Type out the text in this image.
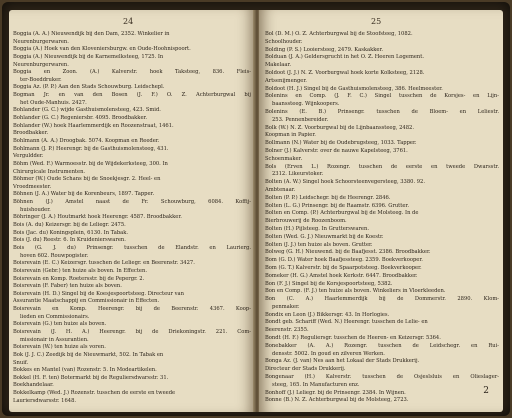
24
Boggia (A. A.) Nieuwendijk bij den Dam, 2352. Winkelier in
Neurenburgerwaren.
Boggia (A.) Hoek van den Kloveniersburgw. en Oude-Hoohnispoort.
Boggia (A.) Nieuwendijk bij de Karnemelksteeg, 1725. In
Neurenburgerwaren.
Boggia en Zoon. (A.) Kalverstr. hoek Taksteeg, 836. Fleis-
ter-Boeddruker.
Boggia Az. (P. P.) Aan den Stads Schouwburg. Leidschepl.
Bogman Jr. en van den Bosen (J. F.) O. Z. Achterburgwal bij
het Oude-Manhuis. 2427.
Bohlander (G. C.) wijde Gasthuismolensteeg, 423. Smid.
Bohlander (G. C.) Regeniersbr. 4095. Broodbakker.
Bohlander (W.) hoek Haarlemmerdijk en Roozenstraat, 1461.
Broodbakker.
Bohlmann (A. A.) Droogbak. 5074. Koopman en Reeder.
Bohlmann (J. P.) Heerengr. bij de Gasthuismolensteeg, 431.
Verguldder.
Böhm (Wed. F.) Warmoesstr. bij de Wijdekerksteeg, 300. In
Chirurgicale Instrumenten.
Böhmer (W.) Oude Schans bij de Snoekjesgr. 2. Heel- en
Vroedmeester.
Böhnen (J. A.) Water bij de Korenbeurs, 1897. Tapper.
Böhnen (J.) Amstel naast de Fr. Schouwburg, 6084. Koffij-
huishouder.
Böhringer (J. A.) Houtmarkt hoek Heerengr. 4587. Broodbakker.
Bois (A. du) Keizersgr. bij de Leliegr. 2475.
Bois (Jac. du) Koningsplein, 6130. In Tabak.
Bois (J. du) Reestr. 6. In Kruidenierswaren.
Bois (G. J. du) Prinsengr. tusschen de Elandstr. en Laurierg.
hoven 602. Rouwpogister.
Boisrevain (E. C.) Keizersgr. tusschen de Leliegr. en Beerenstr. 3427.
Boisrevain (Gebr.) ten huize als boven. In Effecten.
Boisrevain en Komp. Roetersstr. bij de Pepergr. 2.
Boisrevain (F. Faber) ten huize als boven.
Boisrevain (H. D.) Singel bij de Koesjespoortsteeg. Directeur van
Assurantie Maatschappij en Commissionair in Effecten.
Boisrevain en Komp. Heerengr. bij de Beerenstr. 4367. Koop-
lieden en Commissionairs.
Boisrevain (G.) ten huize als boven.
Boisrevain (J. H. A.) Heerengr. bij de Driekoningstr. 221. Com-
missionair in Assurantien.
Boisrevain (W.) ten huize als voren.
Bok (J. J. C.) Zeedijk bij de Nieuwmarkt, 502. In Tabak en
Snuif.
Bokkes en Mantel (van) Rozenstr. 5. In Modeartikelen.
Bokkel (H. F. ten) Botermarkt bij de Reguliersdwarsstr. 31.
Boekhandelaar.
Bokkelkamp (Wed. J.) Rozenstr. tusschen de eerste en tweede
Lauriersdwarsstr. 1648.
25
Bol (D. M.) O. Z. Achterburgwal bij de Stoofsteeg, 1082.
Schoolhouder.
Bolding (P. S.) Looiersteeg, 2479. Kaskakker.
Bolduan (J. A.) Geldersgrucht in het O. Z. Heeren Logement.
Makelaar.
Boldoot (J. J.) N. Z. Voorburgwal hoek korte Kolksteeg, 2128.
Artsenijmenger.
Boldoot (H. J.) Singel bij de Gasthuismolensteeg, 386. Heelmeester.
Bolenins en Comp. (J. F. C.) Singel tusschen de Korsjes- en Lijn-
baanssteeg. Wijnkoopers.
Bolenins (E. B.) Prinsengr. tusschen de Bloem- en Leliestr.
253. Pennenbereider.
Bolk (W.) N. Z. Voorburgwal bij de Lijnbaanssteeg, 2482.
Koopman in Papier.
Bollmann (N.) Water bij de Oudebrugsteeg, 1033. Tapper.
Bolner (J.) Kalverstr. over de nauwe Kapelsteeg, 3761.
Schoenmaker.
Bols (Erven L.) Rozengr. tusschen de eerste en tweede Dwarsstr.
2312. Likeurstoker.
Bolten (A. W.) Singel hoek Schoorsteenvegersteeg, 3380. 92.
Ambtenaar.
Bolten (P. P.) Leidschegr. bij de Heerengr. 2846.
Bolten (L. G.) Prinsengr. bij de Raamstr. 6396. Grutter.
Bolten en Comp. (P.) Achterburgwal bij de Molsteeg. In de
Bierbrouwerij de Roozenboom.
Bolten (H.) Pijlsteeg. In Grutterswaren.
Bolten (Wed. G. J.) Nieuwmarkt bij de Koestr.
Bolten (J. J.) ten huize als boven. Grutter.
Bolweg (G. H.) Nieuwend. bij de Baafjesst. 2386. Broodbakker.
Bom (G. D.) Water hoek Baafjessteeg. 2359. Boekverkooper.
Bom (G. T.) Kalverstr. bij de Spaarpotsteeg. Boekverkooper.
Bomeker (H. G.) Amstel hoek Kerkstr. 6447. Broodbakker.
Bon (F. J.) Singel bij de Korsjespoortsteeg, 5382.
Bon en Comp. (F. J.) ten huize als boven. Winkeliers in Vloerkleeden.
Bon (C. A.) Haarlemmerdijk bij de Dommerstr. 2890. Klom-
penmaker.
Bondix en Leon (J.) Bikkersgr. 43. In Horlogies.
Bondt geb. Schariff (Wed. N.) Heerengr. tusschen de Lelie- en
Beerenstr. 2355.
Bondt (H. F.) Reguliersgr. tusschen de Heeren- en Keizersgr. 5364.
Bonebakker (A. A.) Rozengr. tusschen de Leidschegr. en Rui-
densstr. 5002. In goud en zilveren Werken.
Bonga Az. (J. van) Nes aan het Lokaal der Stads Drukkerij.
Directeur der Stads Drukkerij.
Bongenaar (H.) Kalverstr. tusschen de Osjeslsluis en Olieslager-
steeg, 165. In Manufacturen enz.
Bonhoff (J.) Leliegr. bij de Prinsengr. 2384. In Wijnen.
Bonne (B.) N. Z. Achterburgwal bij de Molsteeg, 2723.
2
